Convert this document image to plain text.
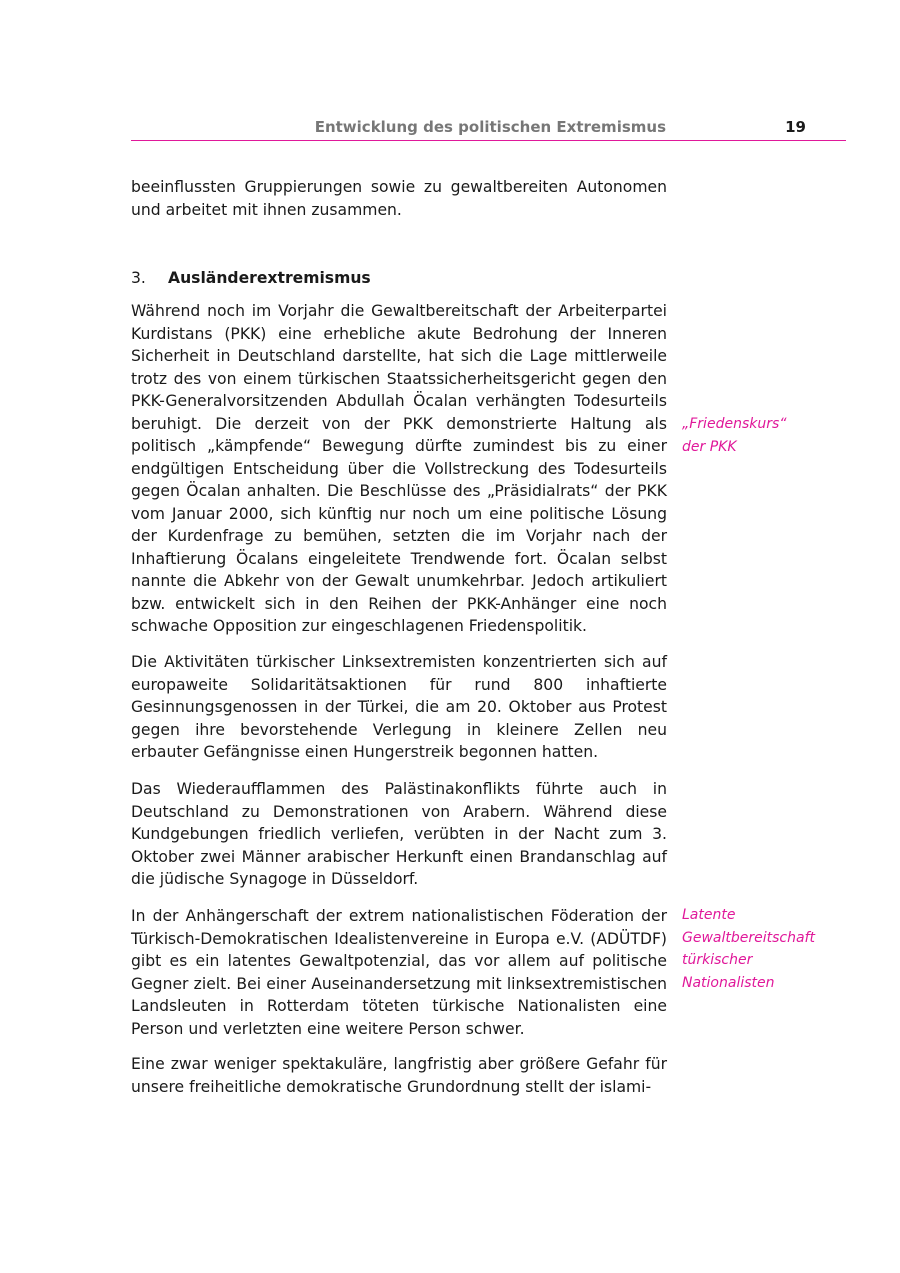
Entwicklung des politischen Extremismus	19

beeinflussten Gruppierungen sowie zu gewaltbereiten Autonomen und arbeitet mit ihnen zusammen.

3. Ausländerextremismus

Während noch im Vorjahr die Gewaltbereitschaft der Arbeiterpartei Kurdistans (PKK) eine erhebliche akute Bedrohung der Inneren Sicherheit in Deutschland darstellte, hat sich die Lage mittlerweile trotz des von einem türkischen Staatssicherheitsgericht gegen den PKK-Generalvorsitzenden Abdullah Öcalan verhängten Todesurteils beruhigt. Die derzeit von der PKK demonstrierte Haltung als politisch „kämpfende“ Bewegung dürfte zumindest bis zu einer endgültigen Entscheidung über die Vollstreckung des Todesurteils gegen Öcalan anhalten. Die Beschlüsse des „Präsidialrats“ der PKK vom Januar 2000, sich künftig nur noch um eine politische Lösung der Kurdenfrage zu bemühen, setzten die im Vorjahr nach der Inhaftierung Öcalans eingeleitete Trendwende fort. Öcalan selbst nannte die Abkehr von der Gewalt unumkehrbar. Jedoch artikuliert bzw. entwickelt sich in den Reihen der PKK-Anhänger eine noch schwache Opposition zur eingeschlagenen Friedenspolitik.

Die Aktivitäten türkischer Linksextremisten konzentrierten sich auf europaweite Solidaritätsaktionen für rund 800 inhaftierte Gesinnungsgenossen in der Türkei, die am 20. Oktober aus Protest gegen ihre bevorstehende Verlegung in kleinere Zellen neu erbauter Gefängnisse einen Hungerstreik begonnen hatten.

Das Wiederaufflammen des Palästinakonflikts führte auch in Deutschland zu Demonstrationen von Arabern. Während diese Kundgebungen friedlich verliefen, verübten in der Nacht zum 3. Oktober zwei Männer arabischer Herkunft einen Brandanschlag auf die jüdische Synagoge in Düsseldorf.

In der Anhängerschaft der extrem nationalistischen Föderation der Türkisch-Demokratischen Idealistenvereine in Europa e.V. (ADÜTDF) gibt es ein latentes Gewaltpotenzial, das vor allem auf politische Gegner zielt. Bei einer Auseinandersetzung mit linksextremistischen Landsleuten in Rotterdam töteten türkische Nationalisten eine Person und verletzten eine weitere Person schwer.

Eine zwar weniger spektakuläre, langfristig aber größere Gefahr für unsere freiheitliche demokratische Grundordnung stellt der islami-

„Friedenskurs“ der PKK

Latente Gewaltbereitschaft türkischer Nationalisten
